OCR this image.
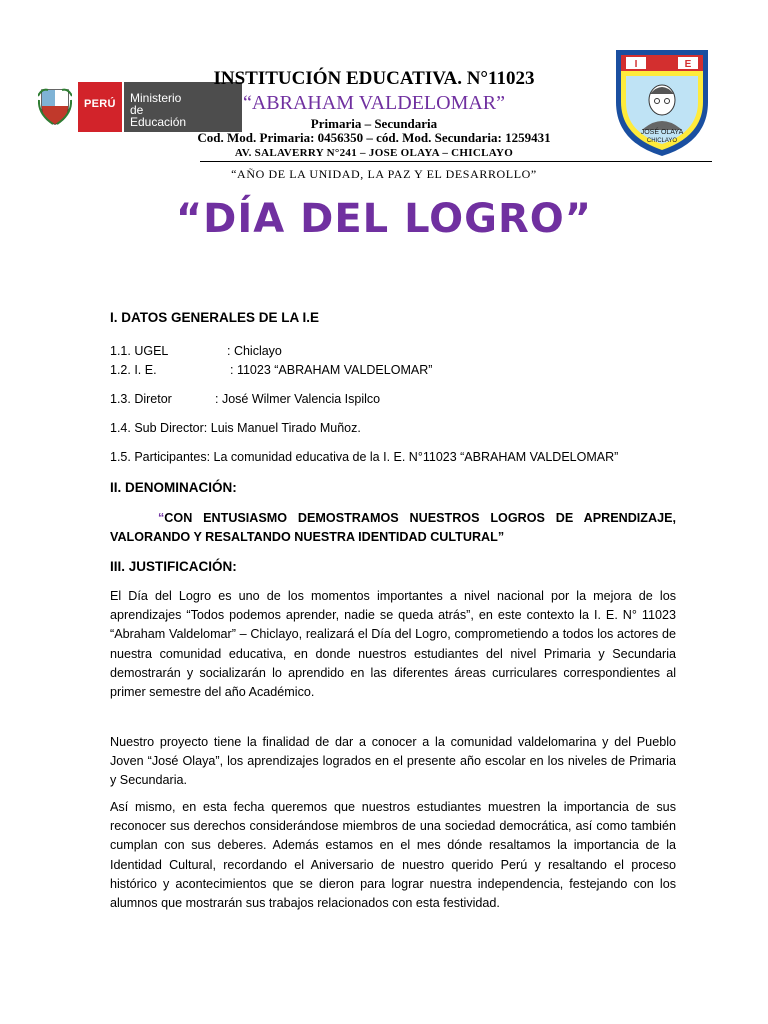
PERÚ Ministerio
de Educación
INSTITUCIÓN EDUCATIVA. N°11023
“ABRAHAM VALDELOMAR”
Primaria – Secundaria
Cod. Mod. Primaria: 0456350 – cód. Mod. Secundaria: 1259431
AV. SALAVERRY N°241 – JOSE OLAYA – CHICLAYO
“AÑO DE LA UNIDAD, LA PAZ Y EL DESARROLLO”
I	E
JOSÉ OLAYA
CHICLAYO
“DÍA DEL LOGRO”
I. DATOS GENERALES DE LA I.E
1.1. UGEL	: Chiclayo
1.2. I. E.	: 11023 “ABRAHAM VALDELOMAR”
1.3. Diretor	: José Wilmer Valencia Ispilco
1.4. Sub Director: Luis Manuel Tirado Muñoz.
1.5. Participantes: La comunidad educativa de la I. E. N°11023 “ABRAHAM VALDELOMAR”
II. DENOMINACIÓN:
“CON ENTUSIASMO DEMOSTRAMOS NUESTROS LOGROS DE APRENDIZAJE, VALORANDO Y RESALTANDO NUESTRA IDENTIDAD CULTURAL”
III. JUSTIFICACIÓN:
El Día del Logro es uno de los momentos importantes a nivel nacional por la mejora de los aprendizajes “Todos podemos aprender, nadie se queda atrás”, en este contexto la I. E. N° 11023 “Abraham Valdelomar” – Chiclayo, realizará el Día del Logro, comprometiendo a todos los actores de nuestra comunidad educativa, en donde nuestros estudiantes del nivel Primaria y Secundaria demostrarán y socializarán lo aprendido en las diferentes áreas curriculares correspondientes al primer semestre del año Académico.
Nuestro proyecto tiene la finalidad de dar a conocer a la comunidad valdelomarina y del Pueblo Joven “José Olaya”, los aprendizajes logrados en el presente año escolar en los niveles de Primaria y Secundaria.
Así mismo, en esta fecha queremos que nuestros estudiantes muestren la importancia de sus reconocer sus derechos considerándose miembros de una sociedad democrática, así como también cumplan con sus deberes. Además estamos en el mes dónde resaltamos la importancia de la Identidad Cultural, recordando el Aniversario de nuestro querido Perú y resaltando el proceso histórico y acontecimientos que se dieron para lograr nuestra independencia, festejando con los alumnos que mostrarán sus trabajos relacionados con esta festividad.
